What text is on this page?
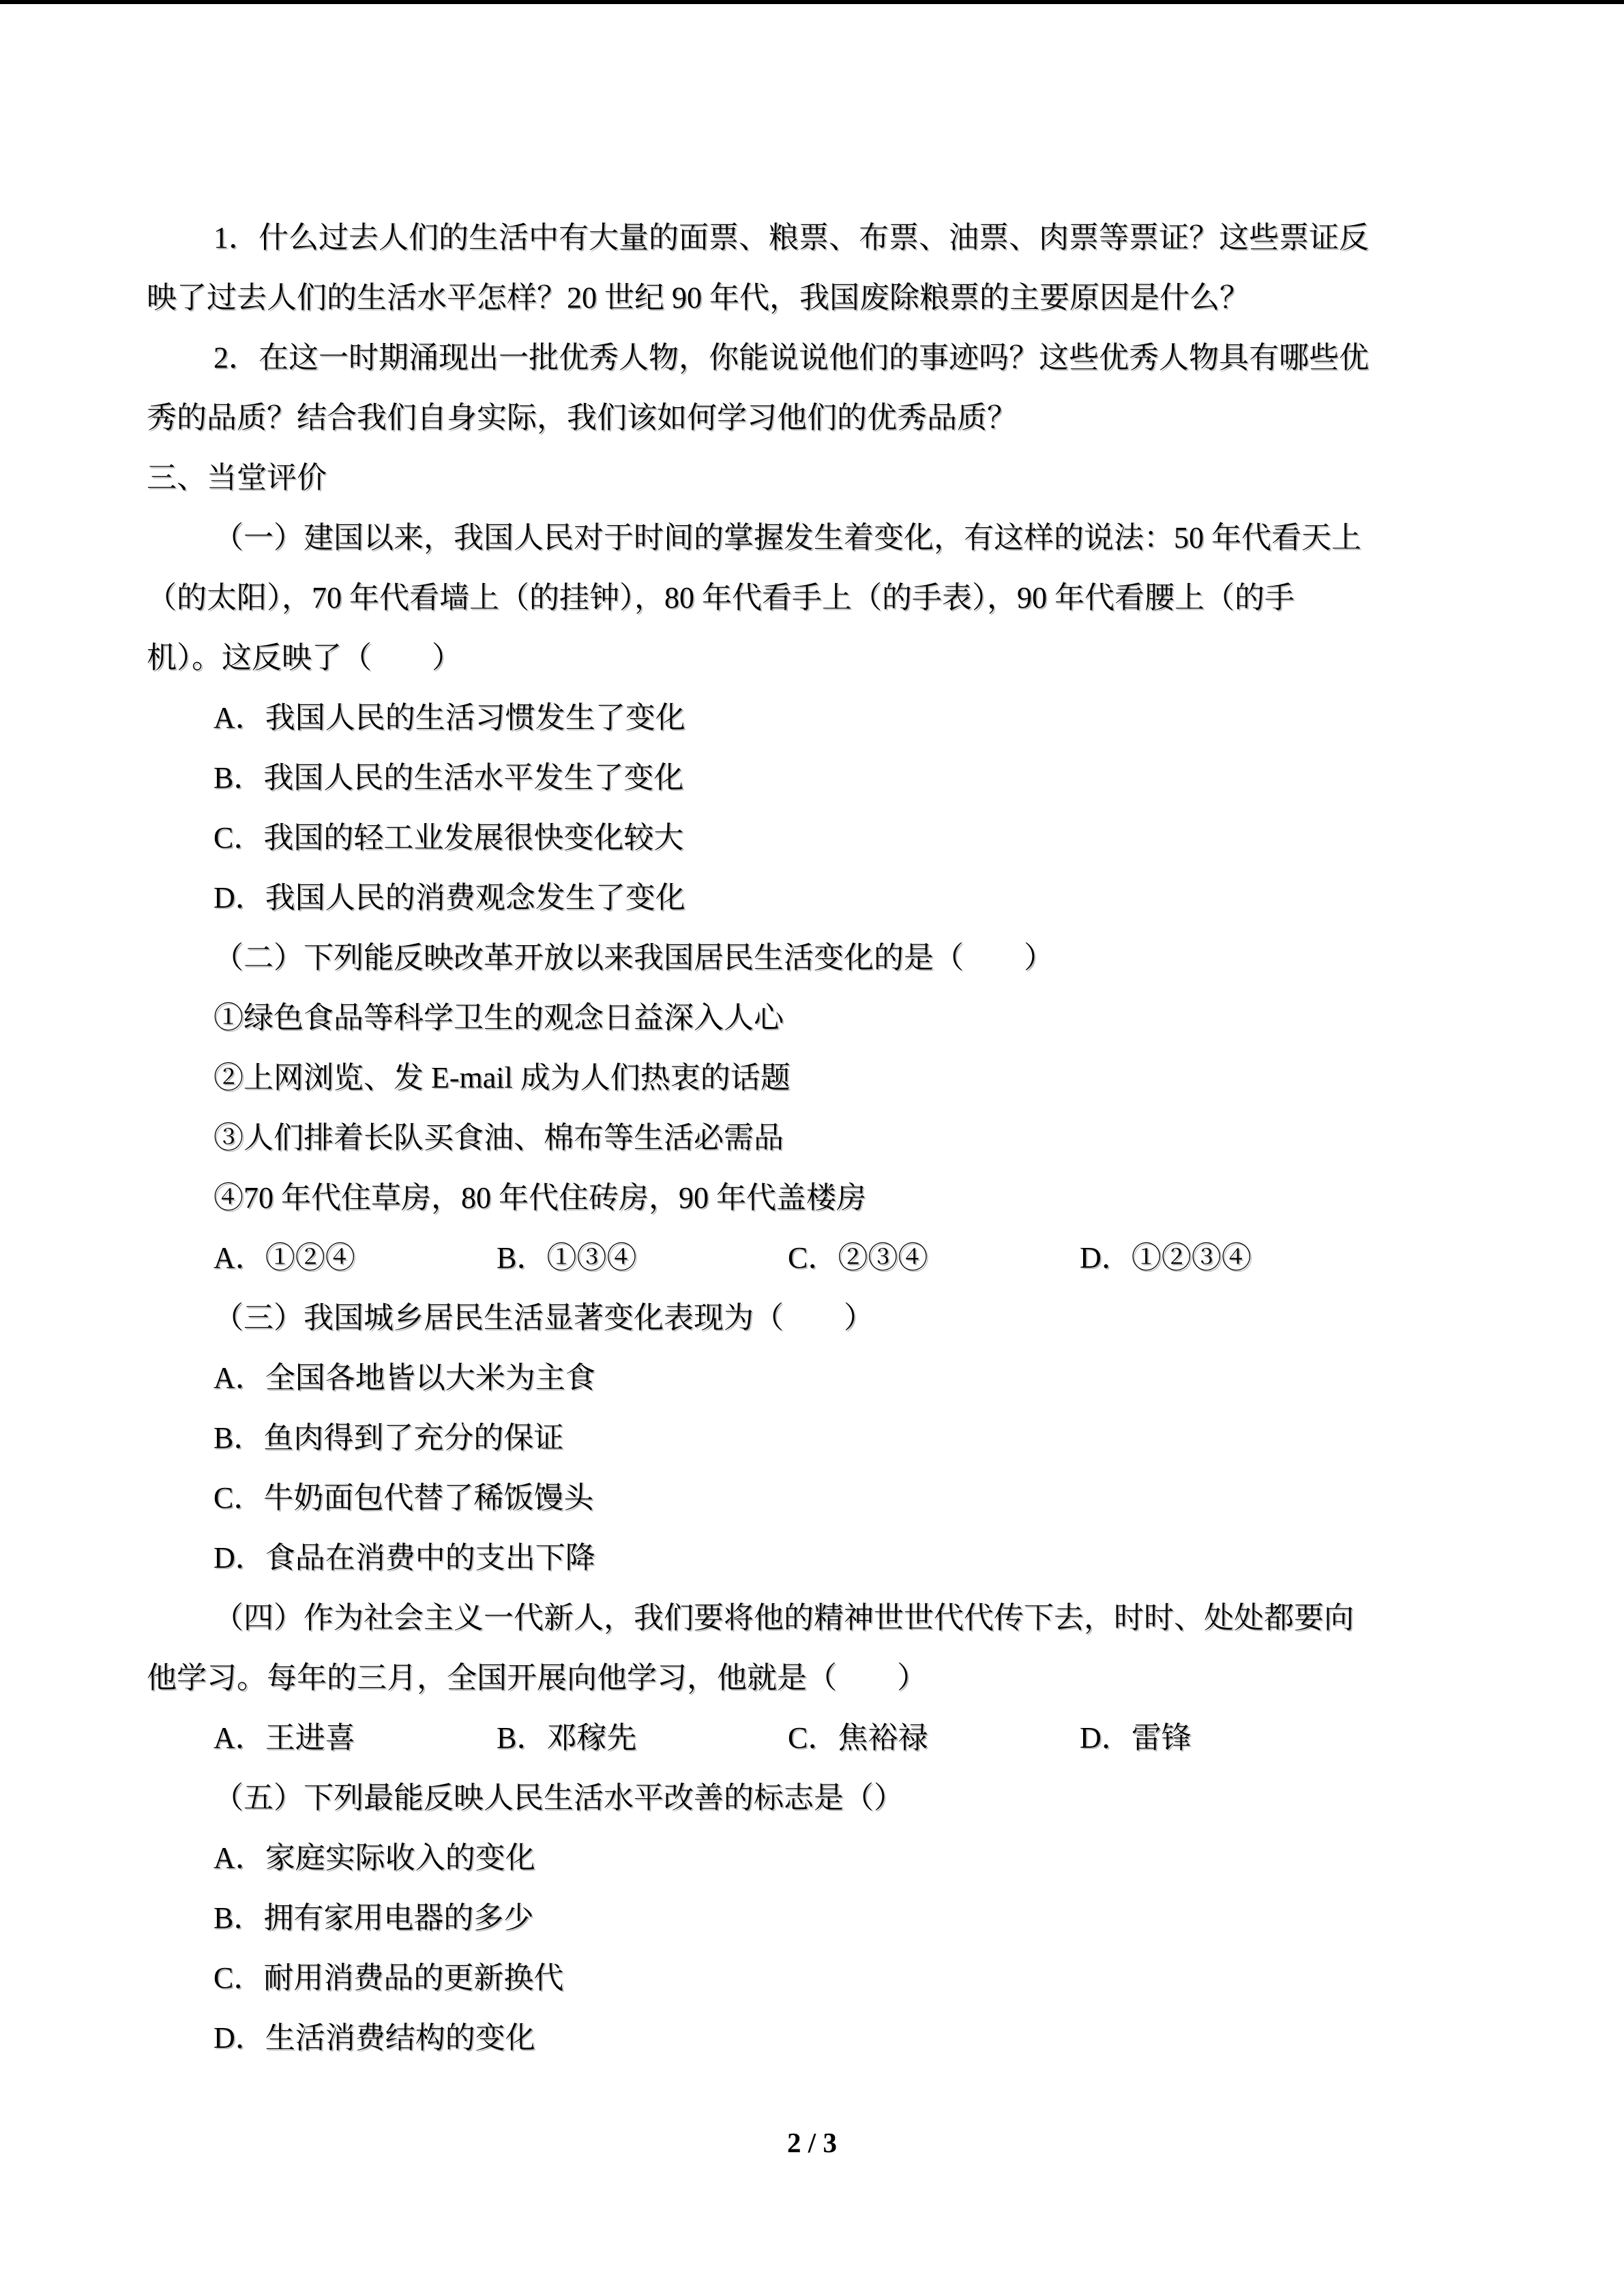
1．什么过去人们的生活中有大量的面票、粮票、布票、油票、肉票等票证？这些票证反
映了过去人们的生活水平怎样？20 世纪 90 年代，我国废除粮票的主要原因是什么？
2．在这一时期涌现出一批优秀人物，你能说说他们的事迹吗？这些优秀人物具有哪些优
秀的品质？结合我们自身实际，我们该如何学习他们的优秀品质？
三、当堂评价
（一）建国以来，我国人民对于时间的掌握发生着变化，有这样的说法：50 年代看天上
（的太阳），70 年代看墙上（的挂钟），80 年代看手上（的手表），90 年代看腰上（的手
机）。这反映了（　　）
A．我国人民的生活习惯发生了变化
B．我国人民的生活水平发生了变化
C．我国的轻工业发展很快变化较大
D．我国人民的消费观念发生了变化
（二）下列能反映改革开放以来我国居民生活变化的是（　　）
①绿色食品等科学卫生的观念日益深入人心
②上网浏览、发 E-mail 成为人们热衷的话题
③人们排着长队买食油、棉布等生活必需品
④70 年代住草房，80 年代住砖房，90 年代盖楼房
A．①②④	B．①③④	C．②③④	D．①②③④
（三）我国城乡居民生活显著变化表现为（　　）
A．全国各地皆以大米为主食
B．鱼肉得到了充分的保证
C．牛奶面包代替了稀饭馒头
D．食品在消费中的支出下降
（四）作为社会主义一代新人，我们要将他的精神世世代代传下去，时时、处处都要向
他学习。每年的三月，全国开展向他学习，他就是（　　）
A．王进喜	B．邓稼先	C．焦裕禄	D．雷锋
（五）下列最能反映人民生活水平改善的标志是（）
A．家庭实际收入的变化
B．拥有家用电器的多少
C．耐用消费品的更新换代
D．生活消费结构的变化
2 / 3
